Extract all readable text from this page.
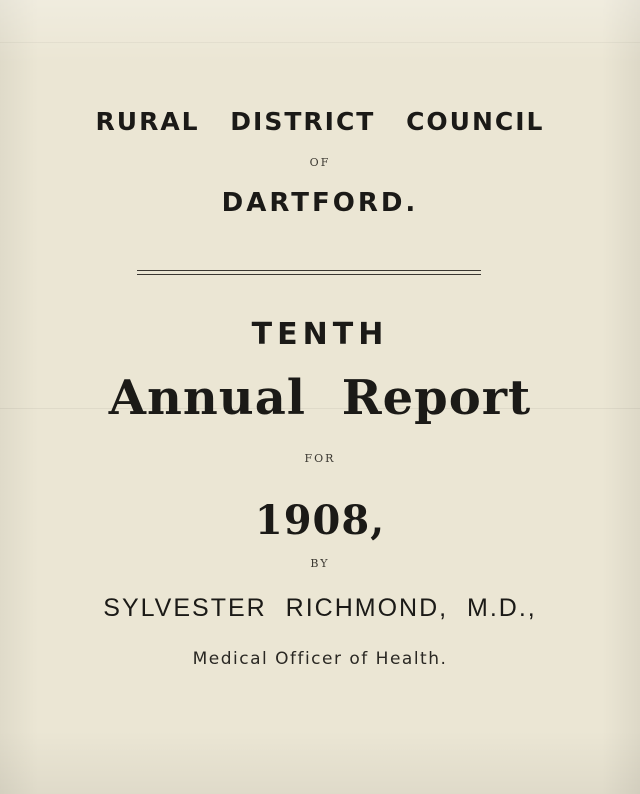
RURAL DISTRICT COUNCIL
OF
DARTFORD.
TENTH
Annual Report
FOR
1908,
BY
SYLVESTER RICHMOND, M.D.,
Medical Officer of Health.
